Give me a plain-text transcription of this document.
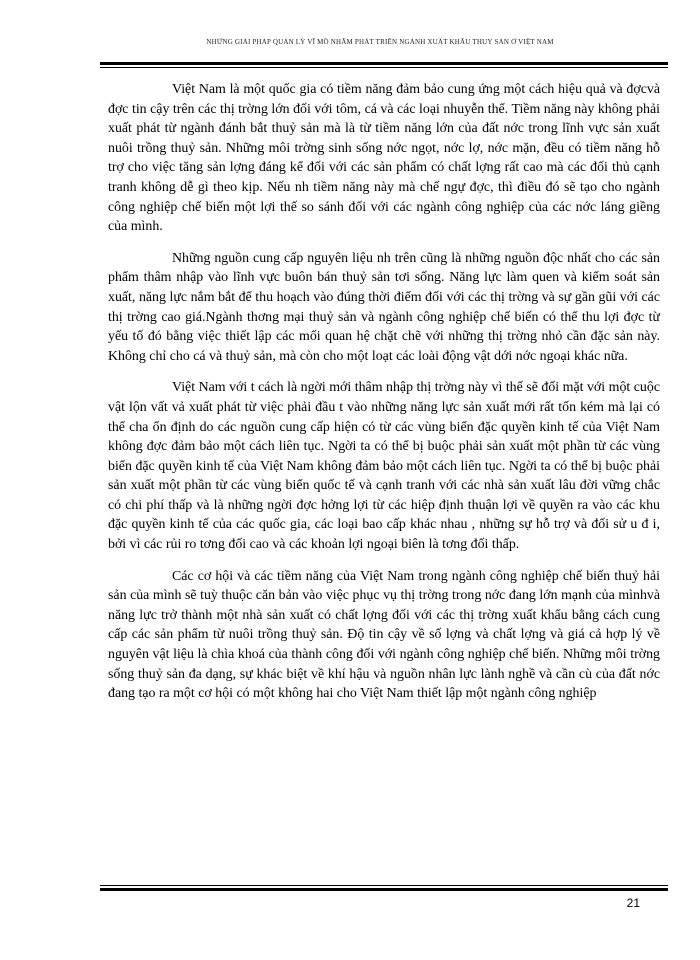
NHỮNG GIẢI PHÁP QUẢN LÝ VĨ MÔ NHẰM PHÁT TRIỂN NGÀNH XUẤT KHẨU THUỶ SẢN Ở VIỆT NAM

Việt Nam là một quốc gia có tiềm năng đảm bảo cung ứng một cách hiệu quả và đợcvà đợc tin cậy trên các thị trờng lớn đối với tôm, cá và các loại nhuyễn thể. Tiềm năng này không phải xuất phát từ ngành đánh bắt thuỷ sản mà là từ tiềm năng lớn của đất nớc trong lĩnh vực sản xuất nuôi trồng thuỷ sản. Những môi trờng sinh sống nớc ngọt, nớc lợ, nớc mặn, đều có tiềm năng hỗ trợ cho việc tăng sản lợng đáng kể đối với các sản phẩm có chất lợng rất cao mà các đối thủ cạnh tranh không dễ gì theo kịp. Nếu nh tiềm năng này mà chế ngự đợc, thì điều đó sẽ tạo cho ngành công nghiệp chế biến một lợi thế so sánh đối với các ngành công nghiệp của các nớc láng giềng của mình.

Những nguồn cung cấp nguyên liệu nh trên cũng là những nguồn độc nhất cho các sản phẩm thâm nhập vào lĩnh vực buôn bán thuỷ sản tơi sống. Năng lực làm quen và kiểm soát sản xuất, năng lực nắm bắt để thu hoạch vào đúng thời điểm đối với các thị trờng và sự gần gũi với các thị trờng cao giá.Ngành thơng mại thuỷ sản và ngành công nghiệp chế biến có thể thu lợi đợc từ yếu tố đó bằng việc thiết lập các mối quan hệ chặt chẽ với những thị trờng nhỏ cần đặc sản này. Không chỉ cho cá và thuỷ sản, mà còn cho một loạt các loài động vật dới nớc ngoại khác nữa.

Việt Nam với t cách là ngời mới thâm nhập thị trờng này vì thế sẽ đối mặt với một cuộc vật lộn vất vả xuất phát từ việc phải đầu t vào những năng lực sản xuất mới rất tốn kém mà lại có thể cha ổn định do các nguồn cung cấp hiện có từ các vùng biển đặc quyền kinh tế của Việt Nam không đợc đảm bảo một cách liên tục. Ngời ta có thể bị buộc phải sản xuất một phần từ các vùng biển đặc quyền kinh tế của Việt Nam không đảm bảo một cách liên tục. Ngời ta có thể bị buộc phải sản xuất một phần từ các vùng biển quốc tế và cạnh tranh với các nhà sản xuất lâu đời vững chắc có chi phí thấp và là những ngời đợc hởng lợi từ các hiệp định thuận lợi về quyền ra vào các khu đặc quyền kinh tế của các quốc gia, các loại bao cấp khác nhau , những sự hỗ trợ và đối sử u đ i, bởi vì các rủi ro tơng đối cao và các khoản lợi ngoại biên là tơng đối thấp.

Các cơ hội và các tiềm năng của Việt Nam trong ngành công nghiệp chế biến thuỷ hải sản của mình sẽ tuỳ thuộc căn bản vào việc phục vụ thị trờng trong nớc đang lớn mạnh của mìnhvà năng lực trở thành một nhà sản xuất có chất lợng đối với các thị trờng xuất khẩu bằng cách cung cấp các sản phẩm từ nuôi trồng thuỷ sản. Độ tin cậy về số lợng và chất lợng và giá cả hợp lý về nguyên vật liệu là chìa khoá của thành công đối với ngành công nghiệp chế biến. Những môi trờng sống thuỷ sản đa dạng, sự khác biệt về khí hậu và nguồn nhân lực lành nghề và cần cù của đất nớc đang tạo ra một cơ hội có một không hai cho Việt Nam thiết lập một ngành công nghiệp

21
